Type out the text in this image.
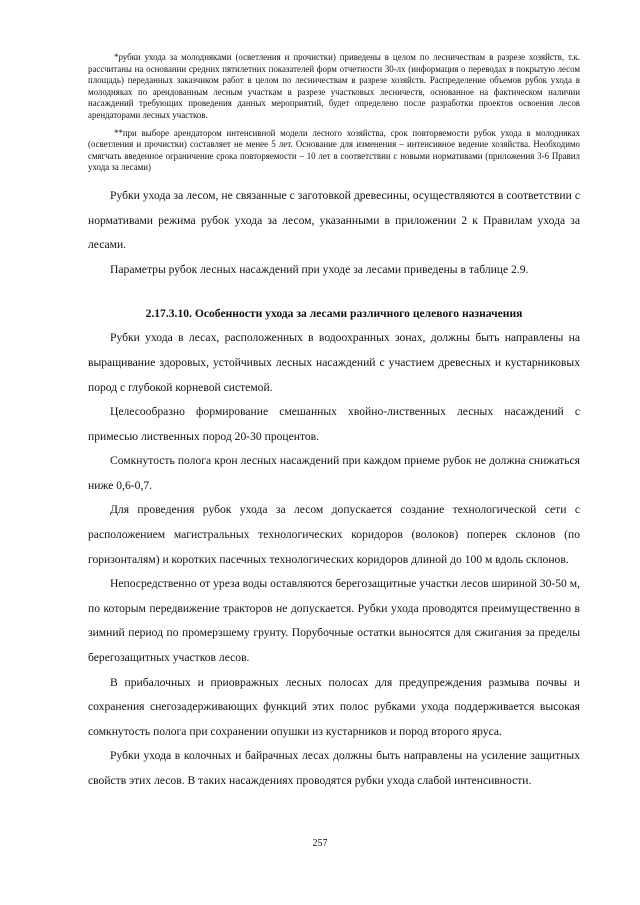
*рубки ухода за молодняками (осветления и прочистки) приведены в целом по лесничествам в разрезе хозяйств, т.к. рассчитаны на основании средних пятилетних показателей форм отчетности 30-лх (информация о переводах в покрытую лесом площадь) переданных заказчиком работ в целом по лесничествам в разрезе хозяйств. Распределение объемов рубок ухода в молодняках по арендованным лесным участкам в разрезе участковых лесничеств, основанное на фактическом наличии насаждений требующих проведения данных мероприятий, будет определено после разработки проектов освоения лесов арендаторами лесных участков.

**при выборе арендатором интенсивной модели лесного хозяйства, срок повторяемости рубок ухода в молодняках (осветления и прочистки) составляет не менее 5 лет. Основание для изменения – интенсивное ведение хозяйства. Необходимо смягчать введенное ограничение срока повторяемости – 10 лет в соответствии с новыми нормативами (приложения 3-6 Правил ухода за лесами)

Рубки ухода за лесом, не связанные с заготовкой древесины, осуществляются в соответствии с нормативами режима рубок ухода за лесом, указанными в приложении 2 к Правилам ухода за лесами.

Параметры рубок лесных насаждений при уходе за лесами приведены в таблице 2.9.

2.17.3.10. Особенности ухода за лесами различного целевого назначения

Рубки ухода в лесах, расположенных в водоохранных зонах, должны быть направлены на выращивание здоровых, устойчивых лесных насаждений с участием древесных и кустарниковых пород с глубокой корневой системой.

Целесообразно формирование смешанных хвойно-лиственных лесных насаждений с примесью лиственных пород 20-30 процентов.

Сомкнутость полога крон лесных насаждений при каждом приеме рубок не должна снижаться ниже 0,6-0,7.

Для проведения рубок ухода за лесом допускается создание технологической сети с расположением магистральных технологических коридоров (волоков) поперек склонов (по горизонталям) и коротких пасечных технологических коридоров длиной до 100 м вдоль склонов.

Непосредственно от уреза воды оставляются берегозащитные участки лесов шириной 30-50 м, по которым передвижение тракторов не допускается. Рубки ухода проводятся преимущественно в зимний период по промерзшему грунту. Порубочные остатки выносятся для сжигания за пределы берегозащитных участков лесов.

В прибалочных и приовражных лесных полосах для предупреждения размыва почвы и сохранения снегозадерживающих функций этих полос рубками ухода поддерживается высокая сомкнутость полога при сохранении опушки из кустарников и пород второго яруса.

Рубки ухода в колочных и байрачных лесах должны быть направлены на усиление защитных свойств этих лесов. В таких насаждениях проводятся рубки ухода слабой интенсивности.

257
